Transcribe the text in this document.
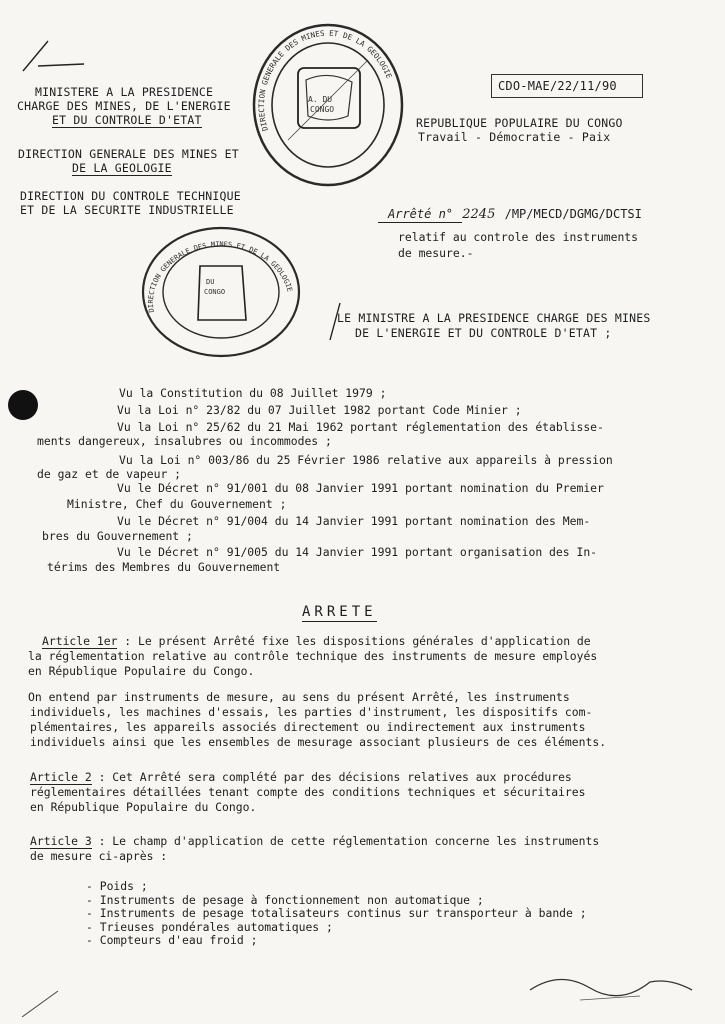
MINISTERE A LA PRESIDENCE
CHARGE DES MINES, DE L'ENERGIE
ET DU CONTROLE D'ETAT
DIRECTION GENERALE DES MINES ET
DE LA GEOLOGIE
DIRECTION DU CONTROLE TECHNIQUE
ET DE LA SECURITE INDUSTRIELLE
A. DU
CONGO
DIRECTION GENERALE DES MINES ET DE LA GEOLOGIE
CDO-MAE/22/11/90
REPUBLIQUE POPULAIRE DU CONGO
Travail - Démocratie - Paix
Arrêté n° 2245 /MP/MECD/DGMG/DCTSI
relatif au controle des instruments
de mesure.-
DU
CONGO
DIRECTION GENERALE DES MINES ET DE LA GEOLOGIE
LE MINISTRE A LA PRESIDENCE CHARGE DES MINES
DE L'ENERGIE ET DU CONTROLE D'ETAT ;
Vu la Constitution du 08 Juillet 1979 ;
Vu la Loi n° 23/82 du 07 Juillet 1982 portant Code Minier ;
Vu la Loi n° 25/62 du 21 Mai 1962 portant réglementation des établisse-
ments dangereux, insalubres ou incommodes ;
Vu la Loi n° 003/86 du 25 Février 1986 relative aux appareils à pression
de gaz et de vapeur ;
Vu le Décret n° 91/001 du 08 Janvier 1991 portant nomination du Premier
Ministre, Chef du Gouvernement ;
Vu le Décret n° 91/004 du 14 Janvier 1991 portant nomination des Mem-
bres du Gouvernement ;
Vu le Décret n° 91/005 du 14 Janvier 1991 portant organisation des In-
térims des Membres du Gouvernement
ARRETE
Article 1er : Le présent Arrêté fixe les dispositions générales d'application de
la réglementation relative au contrôle technique des instruments de mesure employés
en République Populaire du Congo.
On entend par instruments de mesure, au sens du présent Arrêté, les instruments
individuels, les machines d'essais, les parties d'instrument, les dispositifs com-
plémentaires, les appareils associés directement ou indirectement aux instruments
individuels ainsi que les ensembles de mesurage associant plusieurs de ces éléments.
Article 2 : Cet Arrêté sera complété par des décisions relatives aux procédures
réglementaires détaillées tenant compte des conditions techniques et sécuritaires
en République Populaire du Congo.
Article 3 : Le champ d'application de cette réglementation concerne les instruments
de mesure ci-après :
- Poids ;
- Instruments de pesage à fonctionnement non automatique ;
- Instruments de pesage totalisateurs continus sur transporteur à bande ;
- Trieuses pondérales automatiques ;
- Compteurs d'eau froid ;
